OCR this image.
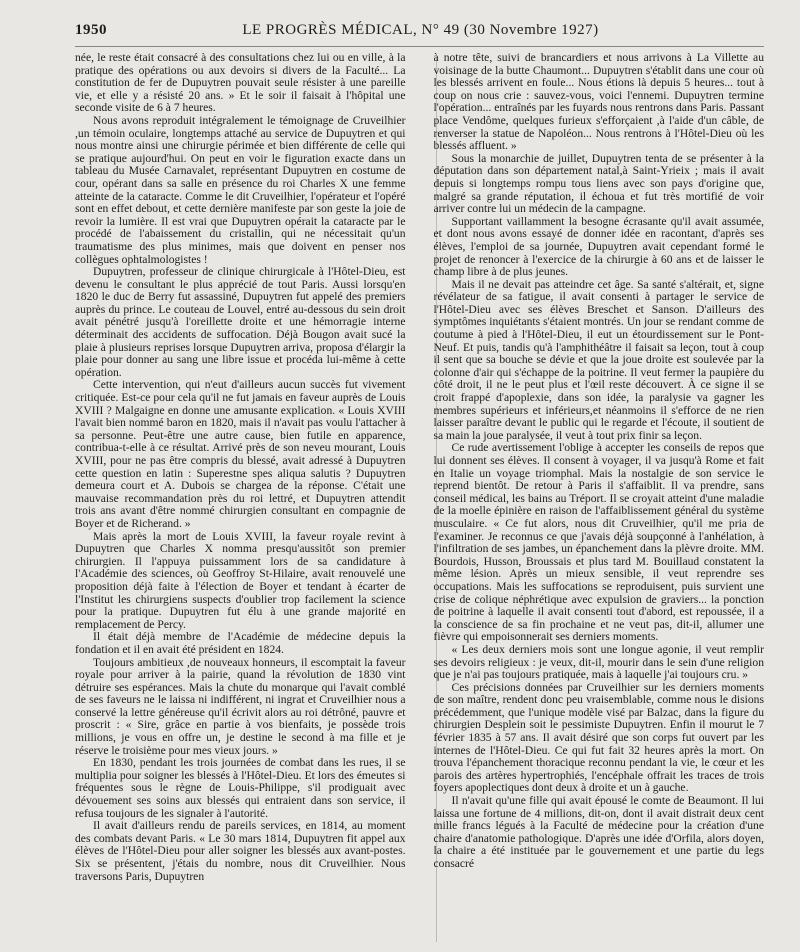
1950	LE PROGRÈS MÉDICAL, N° 49 (30 Novembre 1927)

née, le reste était consacré à des consultations chez lui ou en ville, à la pratique des opérations ou aux devoirs si divers de la Faculté... La constitution de fer de Dupuytren pouvait seule résister à une pareille vie, et elle y a résisté 20 ans. » Et le soir il faisait à l'hôpital une seconde visite de 6 à 7 heures.

Nous avons reproduit intégralement le témoignage de Cruveilhier ,un témoin oculaire, longtemps attaché au service de Dupuytren et qui nous montre ainsi une chirurgie périmée et bien différente de celle qui se pratique aujourd'hui. On peut en voir le figuration exacte dans un tableau du Musée Carnavalet, représentant Dupuytren en costume de cour, opérant dans sa salle en présence du roi Charles X une femme atteinte de la cataracte. Comme le dit Cruveilhier, l'opérateur et l'opéré sont en effet debout, et cette dernière manifeste par son geste la joie de revoir la lumière. Il est vrai que Dupuytren opérait la cataracte par le procédé de l'abaissement du cristallin, qui ne nécessitait qu'un traumatisme des plus minimes, mais que doivent en penser nos collègues ophtalmologistes !

Dupuytren, professeur de clinique chirurgicale à l'Hôtel-Dieu, est devenu le consultant le plus apprécié de tout Paris. Aussi lorsqu'en 1820 le duc de Berry fut assassiné, Dupuytren fut appelé des premiers auprès du prince. Le couteau de Louvel, entré au-dessous du sein droit avait pénétré jusqu'à l'oreillette droite et une hémorragie interne déterminait des accidents de suffocation. Déjà Bougon avait sucé la plaie à plusieurs reprises lorsque Dupuytren arriva, proposa d'élargir la plaie pour donner au sang une libre issue et procéda lui-même à cette opération.

Cette intervention, qui n'eut d'ailleurs aucun succès fut vivement critiquée. Est-ce pour cela qu'il ne fut jamais en faveur auprès de Louis XVIII ? Malgaigne en donne une amusante explication. « Louis XVIII l'avait bien nommé baron en 1820, mais il n'avait pas voulu l'attacher à sa personne. Peut-être une autre cause, bien futile en apparence, contribua-t-elle à ce résultat. Arrivé près de son neveu mourant, Louis XVIII, pour ne pas être compris du blessé, avait adressé à Dupuytren cette question en latin : Superestne spes aliqua salutis ? Dupuytren demeura court et A. Dubois se chargea de la réponse. C'était une mauvaise recommandation près du roi lettré, et Dupuytren attendit trois ans avant d'être nommé chirurgien consultant en compagnie de Boyer et de Richerand. »

Mais après la mort de Louis XVIII, la faveur royale revint à Dupuytren que Charles X nomma presqu'aussitôt son premier chirurgien. Il l'appuya puissamment lors de sa candidature à l'Académie des sciences, où Geoffroy St-Hilaire, avait renouvelé une proposition déjà faite à l'élection de Boyer et tendant à écarter de l'Institut les chirurgiens suspects d'oublier trop facilement la science pour la pratique. Dupuytren fut élu à une grande majorité en remplacement de Percy.

Il était déjà membre de l'Académie de médecine depuis la fondation et il en avait été président en 1824.

Toujours ambitieux ,de nouveaux honneurs, il escomptait la faveur royale pour arriver à la pairie, quand la révolution de 1830 vint détruire ses espérances. Mais la chute du monarque qui l'avait comblé de ses faveurs ne le laissa ni indifférent, ni ingrat et Cruveilhier nous a conservé la lettre généreuse qu'il écrivit alors au roi détrôné, pauvre et proscrit : « Sire, grâce en partie à vos bienfaits, je possède trois millions, je vous en offre un, je destine le second à ma fille et je réserve le troisième pour mes vieux jours. »

En 1830, pendant les trois journées de combat dans les rues, il se multiplia pour soigner les blessés à l'Hôtel-Dieu. Et lors des émeutes si fréquentes sous le règne de Louis-Philippe, s'il prodiguait avec dévouement ses soins aux blessés qui entraient dans son service, il refusa toujours de les signaler à l'autorité.

Il avait d'ailleurs rendu de pareils services, en 1814, au moment des combats devant Paris. « Le 30 mars 1814, Dupuytren fit appel aux élèves de l'Hôtel-Dieu pour aller soigner les blessés aux avant-postes. Six se présentent, j'étais du nombre, nous dit Cruveilhier. Nous traversons Paris, Dupuytren

à notre tête, suivi de brancardiers et nous arrivons à La Villette au voisinage de la butte Chaumont... Dupuytren s'établit dans une cour où les blessés arrivent en foule... Nous étions là depuis 5 heures... tout à coup on nous crie : sauvez-vous, voici l'ennemi. Dupuytren termine l'opération... entraînés par les fuyards nous rentrons dans Paris. Passant place Vendôme, quelques furieux s'efforçaient ,à l'aide d'un câble, de renverser la statue de Napoléon... Nous rentrons à l'Hôtel-Dieu où les blessés affluent. »

Sous la monarchie de juillet, Dupuytren tenta de se présenter à la députation dans son département natal,à Saint-Yrieix ; mais il avait depuis si longtemps rompu tous liens avec son pays d'origine que, malgré sa grande réputation, il échoua et fut très mortifié de voir arriver contre lui un médecin de la campagne.

Supportant vaillamment la besogne écrasante qu'il avait assumée, et dont nous avons essayé de donner idée en racontant, d'après ses élèves, l'emploi de sa journée, Dupuytren avait cependant formé le projet de renoncer à l'exercice de la chirurgie à 60 ans et de laisser le champ libre à de plus jeunes.

Mais il ne devait pas atteindre cet âge. Sa santé s'altérait, et, signe révélateur de sa fatigue, il avait consenti à partager le service de l'Hôtel-Dieu avec ses élèves Breschet et Sanson. D'ailleurs des symptômes inquiétants s'étaient montrés. Un jour se rendant comme de coutume à pied à l'Hôtel-Dieu, il eut un étourdissement sur le Pont-Neuf. Et puis, tandis qu'à l'amphithéâtre il faisait sa leçon, tout à coup il sent que sa bouche se dévie et que la joue droite est soulevée par la colonne d'air qui s'échappe de la poitrine. Il veut fermer la paupière du côté droit, il ne le peut plus et l'œil reste découvert. À ce signe il se croit frappé d'apoplexie, dans son idée, la paralysie va gagner les membres supérieurs et inférieurs,et néanmoins il s'efforce de ne rien laisser paraître devant le public qui le regarde et l'écoute, il soutient de sa main la joue paralysée, il veut à tout prix finir sa leçon.

Ce rude avertissement l'oblige à accepter les conseils de repos que lui donnent ses élèves. Il consent à voyager, il va jusqu'à Rome et fait en Italie un voyage triomphal. Mais la nostalgie de son service le reprend bientôt. De retour à Paris il s'affaiblit. Il va prendre, sans conseil médical, les bains au Tréport. Il se croyait atteint d'une maladie de la moelle épinière en raison de l'affaiblissement général du système musculaire. « Ce fut alors, nous dit Cruveilhier, qu'il me pria de l'examiner. Je reconnus ce que j'avais déjà soupçonné à l'anhélation, à l'infiltration de ses jambes, un épanchement dans la plèvre droite. MM. Bourdois, Husson, Broussais et plus tard M. Bouillaud constatent la même lésion. Après un mieux sensible, il veut reprendre ses occupations. Mais les suffocations se reproduisent, puis survient une crise de colique néphrétique avec expulsion de graviers... la ponction de poitrine à laquelle il avait consenti tout d'abord, est repoussée, il a la conscience de sa fin prochaine et ne veut pas, dit-il, allumer une fièvre qui empoisonnerait ses derniers moments.

« Les deux derniers mois sont une longue agonie, il veut remplir ses devoirs religieux : je veux, dit-il, mourir dans le sein d'une religion que je n'ai pas toujours pratiquée, mais à laquelle j'ai toujours cru. »

Ces précisions données par Cruveilhier sur les derniers moments de son maître, rendent donc peu vraisemblable, comme nous le disions précédemment, que l'unique modèle visé par Balzac, dans la figure du chirurgien Desplein soit le pessimiste Dupuytren. Enfin il mourut le 7 février 1835 à 57 ans. Il avait désiré que son corps fut ouvert par les internes de l'Hôtel-Dieu. Ce qui fut fait 32 heures après la mort. On trouva l'épanchement thoracique reconnu pendant la vie, le cœur et les parois des artères hypertrophiés, l'encéphale offrait les traces de trois foyers apoplectiques dont deux à droite et un à gauche.

Il n'avait qu'une fille qui avait épousé le comte de Beaumont. Il lui laissa une fortune de 4 millions, dit-on, dont il avait distrait deux cent mille francs légués à la Faculté de médecine pour la création d'une chaire d'anatomie pathologique. D'après une idée d'Orfila, alors doyen, la chaire a été instituée par le gouvernement et une partie du legs consacré
